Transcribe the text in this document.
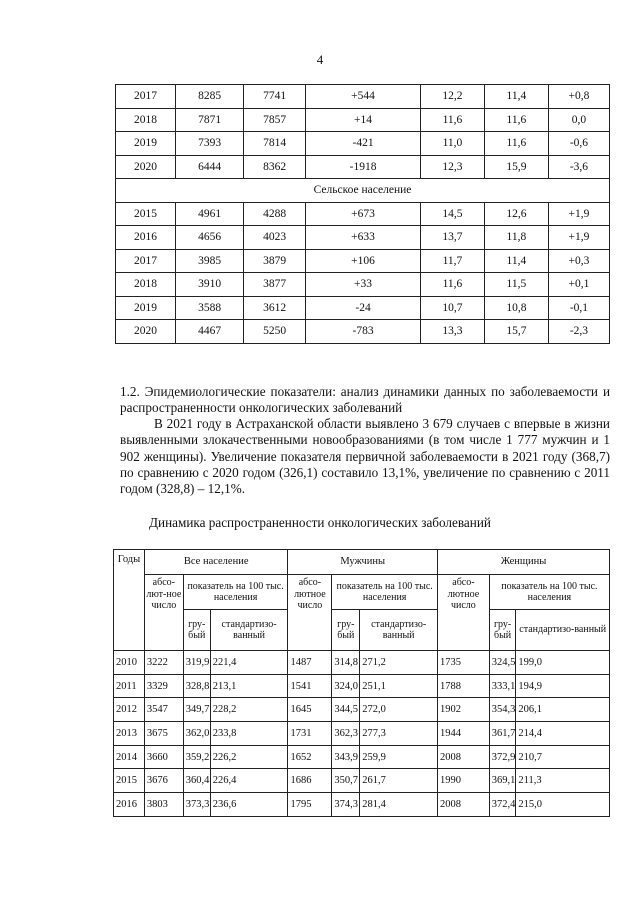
4
2017	8285	7741	+544	12,2	11,4	+0,8
2018	7871	7857	+14	11,6	11,6	0,0
2019	7393	7814	-421	11,0	11,6	-0,6
2020	6444	8362	-1918	12,3	15,9	-3,6
Сельское население						
2015	4961	4288	+673	14,5	12,6	+1,9
2016	4656	4023	+633	13,7	11,8	+1,9
2017	3985	3879	+106	11,7	11,4	+0,3
2018	3910	3877	+33	11,6	11,5	+0,1
2019	3588	3612	-24	10,7	10,8	-0,1
2020	4467	5250	-783	13,3	15,7	-2,3
1.2. Эпидемиологические показатели: анализ динамики данных по заболеваемости и распространенности онкологических заболеваний
В 2021 году в Астраханской области выявлено 3 679 случаев с впервые в жизни выявленными злокачественными новообразованиями (в том числе 1 777 мужчин и 1 902 женщины). Увеличение показателя первичной заболеваемости в 2021 году (368,7) по сравнению с 2020 годом (326,1) составило 13,1%, увеличение по сравнению с 2011 годом (328,8) – 12,1%.
Динамика распространенности онкологических заболеваний
Годы	Все население			Мужчины			Женщины		
	абсо-лют-ное число	показатель на 100 тыс. населения		абсо-лютное число	показатель на 100 тыс. населения		абсо-лютное число	показатель на 100 тыс. населения	
		гру-бый	стандартизо-ванный		гру-бый	стандартизо-ванный		гру-бый	стандартизо-ванный
2010	3222	319,9	221,4	1487	314,8	271,2	1735	324,5	199,0
2011	3329	328,8	213,1	1541	324,0	251,1	1788	333,1	194,9
2012	3547	349,7	228,2	1645	344,5	272,0	1902	354,3	206,1
2013	3675	362,0	233,8	1731	362,3	277,3	1944	361,7	214,4
2014	3660	359,2	226,2	1652	343,9	259,9	2008	372,9	210,7
2015	3676	360,4	226,4	1686	350,7	261,7	1990	369,1	211,3
2016	3803	373,3	236,6	1795	374,3	281,4	2008	372,4	215,0
